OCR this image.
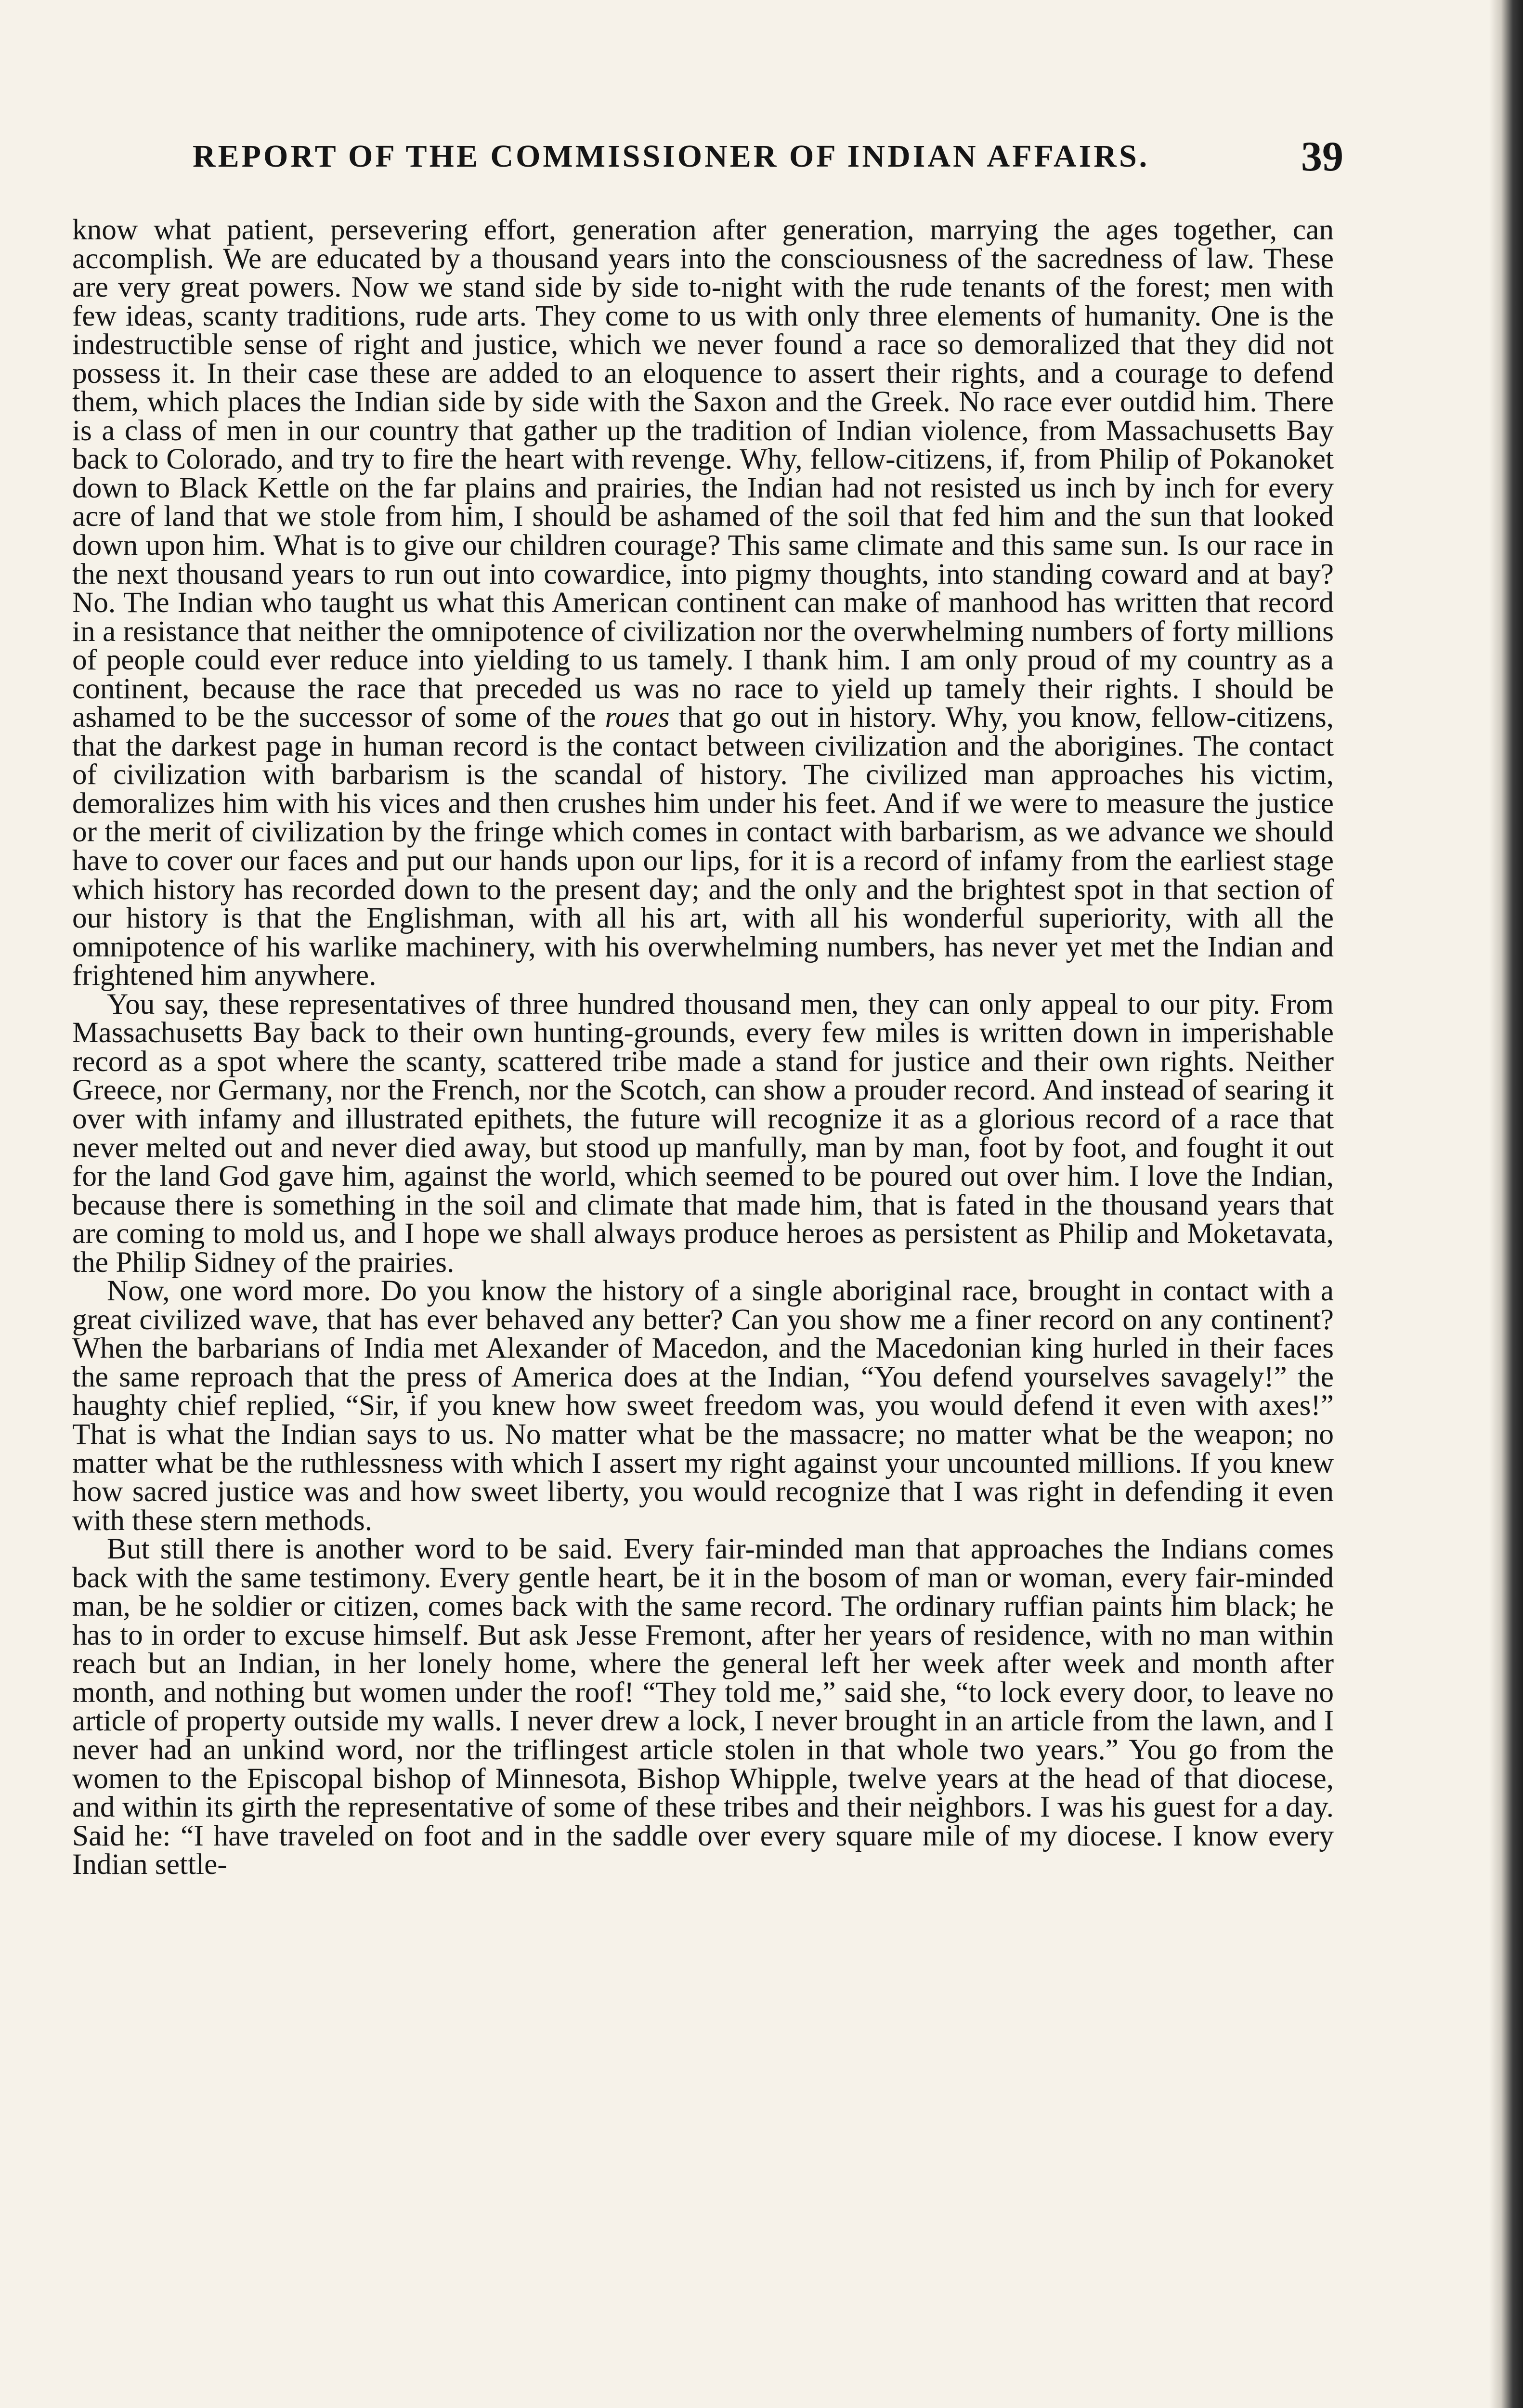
REPORT OF THE COMMISSIONER OF INDIAN AFFAIRS.	39

know what patient, persevering effort, generation after generation, marrying the ages together, can accomplish. We are educated by a thousand years into the consciousness of the sacredness of law. These are very great powers. Now we stand side by side to-night with the rude tenants of the forest; men with few ideas, scanty traditions, rude arts. They come to us with only three elements of humanity. One is the indestructible sense of right and justice, which we never found a race so demoralized that they did not possess it. In their case these are added to an eloquence to assert their rights, and a courage to defend them, which places the Indian side by side with the Saxon and the Greek. No race ever outdid him. There is a class of men in our country that gather up the tradition of Indian violence, from Massachusetts Bay back to Colorado, and try to fire the heart with revenge. Why, fellow-citizens, if, from Philip of Pokanoket down to Black Kettle on the far plains and prairies, the Indian had not resisted us inch by inch for every acre of land that we stole from him, I should be ashamed of the soil that fed him and the sun that looked down upon him. What is to give our children courage? This same climate and this same sun. Is our race in the next thousand years to run out into cowardice, into pigmy thoughts, into standing coward and at bay? No. The Indian who taught us what this American continent can make of manhood has written that record in a resistance that neither the omnipotence of civilization nor the overwhelming numbers of forty millions of people could ever reduce into yielding to us tamely. I thank him. I am only proud of my country as a continent, because the race that preceded us was no race to yield up tamely their rights. I should be ashamed to be the successor of some of the roues that go out in history. Why, you know, fellow-citizens, that the darkest page in human record is the contact between civilization and the aborigines. The contact of civilization with barbarism is the scandal of history. The civilized man approaches his victim, demoralizes him with his vices and then crushes him under his feet. And if we were to measure the justice or the merit of civilization by the fringe which comes in contact with barbarism, as we advance we should have to cover our faces and put our hands upon our lips, for it is a record of infamy from the earliest stage which history has recorded down to the present day; and the only and the brightest spot in that section of our history is that the Englishman, with all his art, with all his wonderful superiority, with all the omnipotence of his warlike machinery, with his overwhelming numbers, has never yet met the Indian and frightened him anywhere.

You say, these representatives of three hundred thousand men, they can only appeal to our pity. From Massachusetts Bay back to their own hunting-grounds, every few miles is written down in imperishable record as a spot where the scanty, scattered tribe made a stand for justice and their own rights. Neither Greece, nor Germany, nor the French, nor the Scotch, can show a prouder record. And instead of searing it over with infamy and illustrated epithets, the future will recognize it as a glorious record of a race that never melted out and never died away, but stood up manfully, man by man, foot by foot, and fought it out for the land God gave him, against the world, which seemed to be poured out over him. I love the Indian, because there is something in the soil and climate that made him, that is fated in the thousand years that are coming to mold us, and I hope we shall always produce heroes as persistent as Philip and Moketavata, the Philip Sidney of the prairies.

Now, one word more. Do you know the history of a single aboriginal race, brought in contact with a great civilized wave, that has ever behaved any better? Can you show me a finer record on any continent? When the barbarians of India met Alexander of Macedon, and the Macedonian king hurled in their faces the same reproach that the press of America does at the Indian, “You defend yourselves savagely!” the haughty chief replied, “Sir, if you knew how sweet freedom was, you would defend it even with axes!” That is what the Indian says to us. No matter what be the massacre; no matter what be the weapon; no matter what be the ruthlessness with which I assert my right against your uncounted millions. If you knew how sacred justice was and how sweet liberty, you would recognize that I was right in defending it even with these stern methods.

But still there is another word to be said. Every fair-minded man that approaches the Indians comes back with the same testimony. Every gentle heart, be it in the bosom of man or woman, every fair-minded man, be he soldier or citizen, comes back with the same record. The ordinary ruffian paints him black; he has to in order to excuse himself. But ask Jesse Fremont, after her years of residence, with no man within reach but an Indian, in her lonely home, where the general left her week after week and month after month, and nothing but women under the roof! “They told me,” said she, “to lock every door, to leave no article of property outside my walls. I never drew a lock, I never brought in an article from the lawn, and I never had an unkind word, nor the triflingest article stolen in that whole two years.” You go from the women to the Episcopal bishop of Minnesota, Bishop Whipple, twelve years at the head of that diocese, and within its girth the representative of some of these tribes and their neighbors. I was his guest for a day. Said he: “I have traveled on foot and in the saddle over every square mile of my diocese. I know every Indian settle-
